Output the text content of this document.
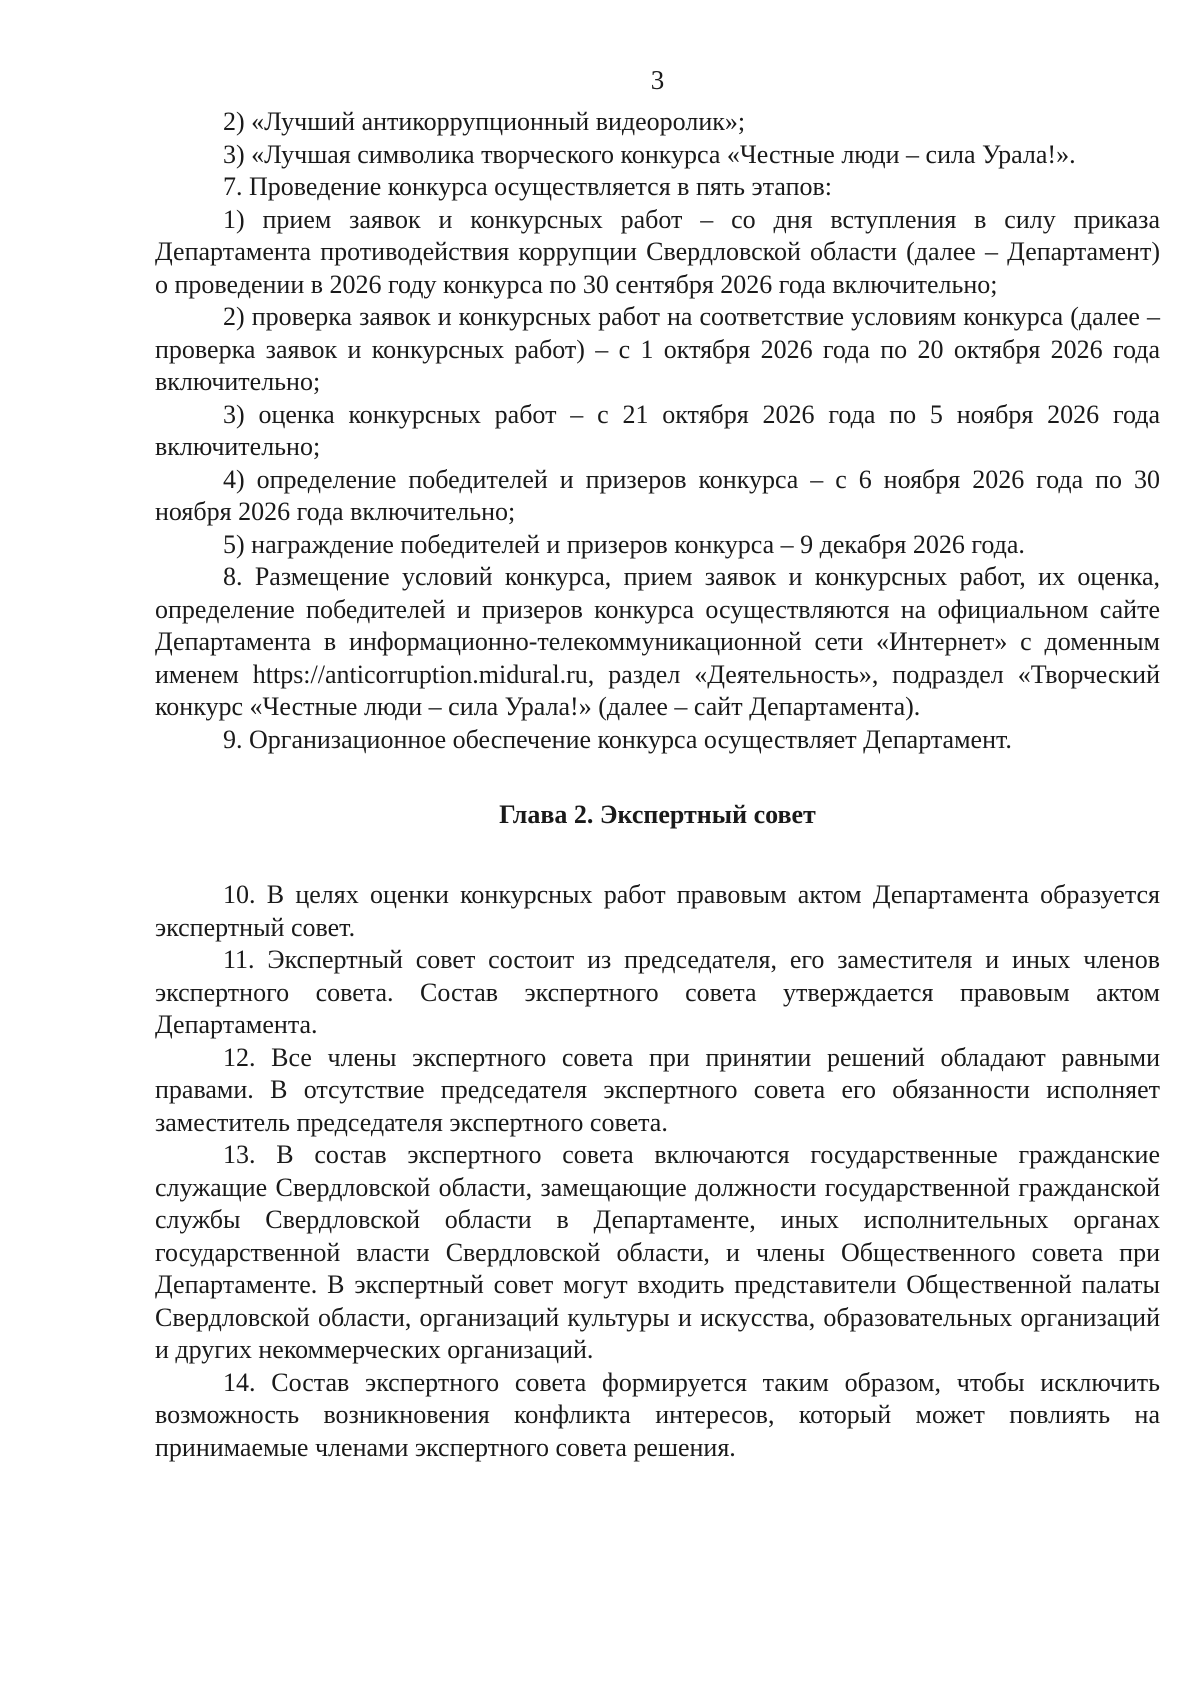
3

2) «Лучший антикоррупционный видеоролик»;

3) «Лучшая символика творческого конкурса «Честные люди – сила Урала!».

7. Проведение конкурса осуществляется в пять этапов:

1) прием заявок и конкурсных работ – со дня вступления в силу приказа Департамента противодействия коррупции Свердловской области (далее – Департамент) о проведении в 2026 году конкурса по 30 сентября 2026 года включительно;

2) проверка заявок и конкурсных работ на соответствие условиям конкурса (далее – проверка заявок и конкурсных работ) – с 1 октября 2026 года по 20 октября 2026 года включительно;

3) оценка конкурсных работ – с 21 октября 2026 года по 5 ноября 2026 года включительно;

4) определение победителей и призеров конкурса – с 6 ноября 2026 года по 30 ноября 2026 года включительно;

5) награждение победителей и призеров конкурса – 9 декабря 2026 года.

8. Размещение условий конкурса, прием заявок и конкурсных работ, их оценка, определение победителей и призеров конкурса осуществляются на официальном сайте Департамента в информационно-телекоммуникационной сети «Интернет» с доменным именем https://anticorruption.midural.ru, раздел «Деятельность», подраздел «Творческий конкурс «Честные люди – сила Урала!» (далее – сайт Департамента).

9. Организационное обеспечение конкурса осуществляет Департамент.

Глава 2. Экспертный совет

10. В целях оценки конкурсных работ правовым актом Департамента образуется экспертный совет.

11. Экспертный совет состоит из председателя, его заместителя и иных членов экспертного совета. Состав экспертного совета утверждается правовым актом Департамента.

12. Все члены экспертного совета при принятии решений обладают равными правами. В отсутствие председателя экспертного совета его обязанности исполняет заместитель председателя экспертного совета.

13. В состав экспертного совета включаются государственные гражданские служащие Свердловской области, замещающие должности государственной гражданской службы Свердловской области в Департаменте, иных исполнительных органах государственной власти Свердловской области, и члены Общественного совета при Департаменте. В экспертный совет могут входить представители Общественной палаты Свердловской области, организаций культуры и искусства, образовательных организаций и других некоммерческих организаций.

14. Состав экспертного совета формируется таким образом, чтобы исключить возможность возникновения конфликта интересов, который может повлиять на принимаемые членами экспертного совета решения.
